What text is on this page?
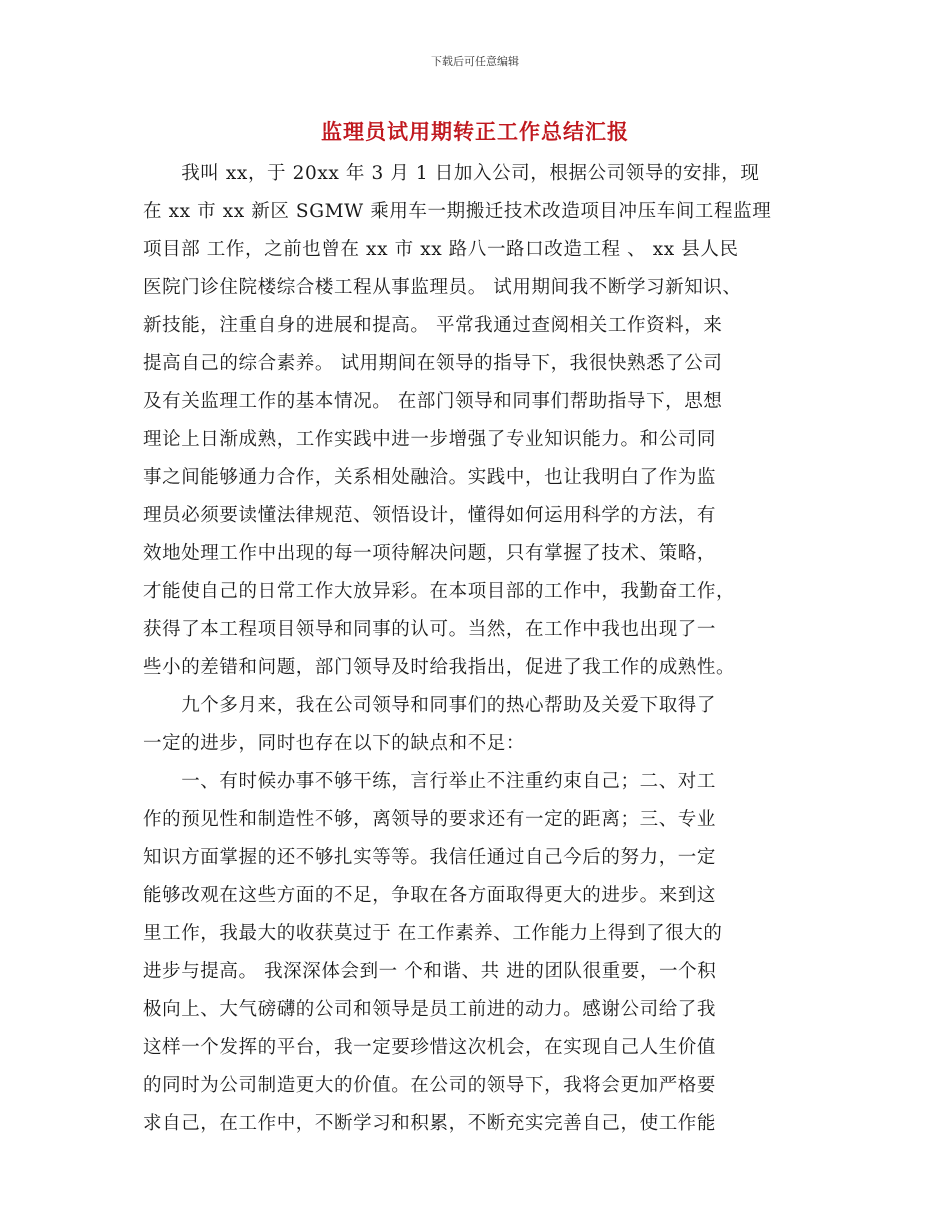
下载后可任意编辑
监理员试用期转正工作总结汇报
　　我叫 xx，于 20xx 年 3 月 1 日加入公司，根据公司领导的安排，现
在 xx 市 xx 新区 SGMW 乘用车一期搬迁技术改造项目冲压车间工程监理
项目部 工作，之前也曾在 xx 市 xx 路八一路口改造工程 、 xx 县人民
医院门诊住院楼综合楼工程从事监理员。 试用期间我不断学习新知识、
新技能，注重自身的进展和提高。 平常我通过查阅相关工作资料，来
提高自己的综合素养。 试用期间在领导的指导下，我很快熟悉了公司
及有关监理工作的基本情况。 在部门领导和同事们帮助指导下，思想
理论上日渐成熟，工作实践中进一步增强了专业知识能力。和公司同
事之间能够通力合作，关系相处融洽。实践中，也让我明白了作为监
理员必须要读懂法律规范、领悟设计，懂得如何运用科学的方法，有
效地处理工作中出现的每一项待解决问题，只有掌握了技术、策略，
才能使自己的日常工作大放异彩。在本项目部的工作中，我勤奋工作，
获得了本工程项目领导和同事的认可。当然，在工作中我也出现了一
些小的差错和问题，部门领导及时给我指出，促进了我工作的成熟性。
　　九个多月来，我在公司领导和同事们的热心帮助及关爱下取得了
一定的进步，同时也存在以下的缺点和不足：
　　一、有时候办事不够干练，言行举止不注重约束自己；二、对工
作的预见性和制造性不够，离领导的要求还有一定的距离；三、专业
知识方面掌握的还不够扎实等等。我信任通过自己今后的努力，一定
能够改观在这些方面的不足，争取在各方面取得更大的进步。来到这
里工作，我最大的收获莫过于 在工作素养、工作能力上得到了很大的
进步与提高。 我深深体会到一 个和谐、共 进的团队很重要，一个积
极向上、大气磅礴的公司和领导是员工前进的动力。感谢公司给了我
这样一个发挥的平台，我一定要珍惜这次机会，在实现自己人生价值
的同时为公司制造更大的价值。在公司的领导下，我将会更加严格要
求自己，在工作中，不断学习和积累，不断充实完善自己，使工作能
